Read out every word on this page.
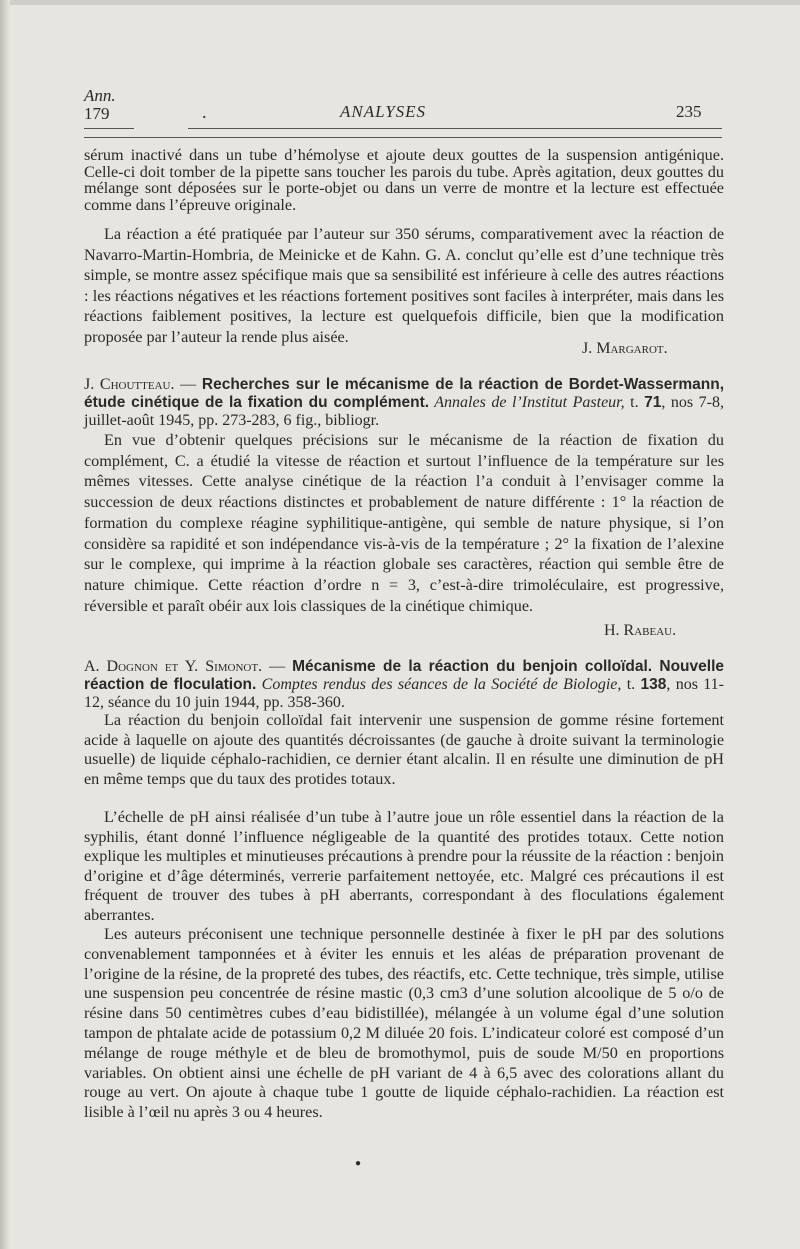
Ann.
179	.	ANALYSES	235
sérum inactivé dans un tube d’hémolyse et ajoute deux gouttes de la suspension antigénique. Celle-ci doit tomber de la pipette sans toucher les parois du tube. Après agitation, deux gouttes du mélange sont déposées sur le porte-objet ou dans un verre de montre et la lecture est effectuée comme dans l’épreuve originale.
La réaction a été pratiquée par l’auteur sur 350 sérums, comparativement avec la réaction de Navarro-Martin-Hombria, de Meinicke et de Kahn. G. A. conclut qu’elle est d’une technique très simple, se montre assez spécifique mais que sa sensibilité est inférieure à celle des autres réactions : les réactions négatives et les réactions fortement positives sont faciles à interpréter, mais dans les réactions faiblement positives, la lecture est quelquefois difficile, bien que la modification proposée par l’auteur la rende plus aisée.
J. Margarot.
J. Choutteau. — Recherches sur le mécanisme de la réaction de Bordet-Wassermann, étude cinétique de la fixation du complément. Annales de l’Institut Pasteur, t. 71, nos 7-8, juillet-août 1945, pp. 273-283, 6 fig., bibliogr.
En vue d’obtenir quelques précisions sur le mécanisme de la réaction de fixation du complément, C. a étudié la vitesse de réaction et surtout l’influence de la température sur les mêmes vitesses. Cette analyse cinétique de la réaction l’a conduit à l’envisager comme la succession de deux réactions distinctes et probablement de nature différente : 1° la réaction de formation du complexe réagine syphilitique-antigène, qui semble de nature physique, si l’on considère sa rapidité et son indépendance vis-à-vis de la température ; 2° la fixation de l’alexine sur le complexe, qui imprime à la réaction globale ses caractères, réaction qui semble être de nature chimique. Cette réaction d’ordre n = 3, c’est-à-dire trimoléculaire, est progressive, réversible et paraît obéir aux lois classiques de la cinétique chimique.
H. Rabeau.
A. Dognon et Y. Simonot. — Mécanisme de la réaction du benjoin colloïdal. Nouvelle réaction de floculation. Comptes rendus des séances de la Société de Biologie, t. 138, nos 11-12, séance du 10 juin 1944, pp. 358-360.
La réaction du benjoin colloïdal fait intervenir une suspension de gomme résine fortement acide à laquelle on ajoute des quantités décroissantes (de gauche à droite suivant la terminologie usuelle) de liquide céphalo-rachidien, ce dernier étant alcalin. Il en résulte une diminution de pH en même temps que du taux des protides totaux.
L’échelle de pH ainsi réalisée d’un tube à l’autre joue un rôle essentiel dans la réaction de la syphilis, étant donné l’influence négligeable de la quantité des protides totaux. Cette notion explique les multiples et minutieuses précautions à prendre pour la réussite de la réaction : benjoin d’origine et d’âge déterminés, verrerie parfaitement nettoyée, etc. Malgré ces précautions il est fréquent de trouver des tubes à pH aberrants, correspondant à des floculations également aberrantes.
Les auteurs préconisent une technique personnelle destinée à fixer le pH par des solutions convenablement tamponnées et à éviter les ennuis et les aléas de préparation provenant de l’origine de la résine, de la propreté des tubes, des réactifs, etc. Cette technique, très simple, utilise une suspension peu concentrée de résine mastic (0,3 cm3 d’une solution alcoolique de 5 o/o de résine dans 50 centimètres cubes d’eau bidistillée), mélangée à un volume égal d’une solution tampon de phtalate acide de potassium 0,2 M diluée 20 fois. L’indicateur coloré est composé d’un mélange de rouge méthyle et de bleu de bromothymol, puis de soude M/50 en proportions variables. On obtient ainsi une échelle de pH variant de 4 à 6,5 avec des colorations allant du rouge au vert. On ajoute à chaque tube 1 goutte de liquide céphalo-rachidien. La réaction est lisible à l’œil nu après 3 ou 4 heures.
●
